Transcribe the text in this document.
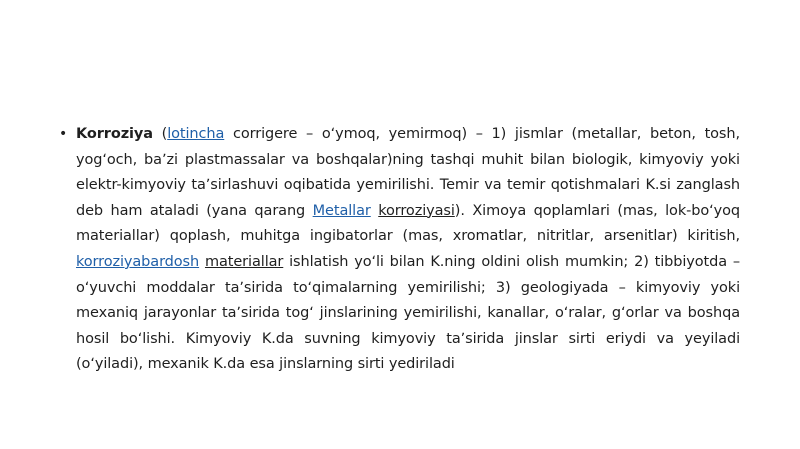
• Korroziya (lotincha corrigere – oʻymoq, yemirmoq) – 1) jismlar (metallar, beton, tosh, yogʻoch, baʼzi plastmassalar va boshqalar)ning tashqi muhit bilan biologik, kimyoviy yoki elektr-kimyoviy taʼsirlashuvi oqibatida yemirilishi. Temir va temir qotishmalari K.si zanglash deb ham ataladi (yana qarang Metallar korroziyasi). Ximoya qoplamlari (mas, lok-boʻyoq materiallar) qoplash, muhitga ingibatorlar (mas, xromatlar, nitritlar, arsenitlar) kiritish, korroziyabardosh materiallar ishlatish yoʻli bilan K.ning oldini olish mumkin; 2) tibbiyotda – oʻyuvchi moddalar taʼsirida toʻqimalarning yemirilishi; 3) geologiyada – kimyoviy yoki mexaniq jarayonlar taʼsirida togʻ jinslarining yemirilishi, kanallar, oʻralar, gʻorlar va boshqa hosil boʻlishi. Kimyoviy K.da suvning kimyoviy taʼsirida jinslar sirti eriydi va yeyiladi (oʻyiladi), mexanik K.da esa jinslarning sirti yediriladi
